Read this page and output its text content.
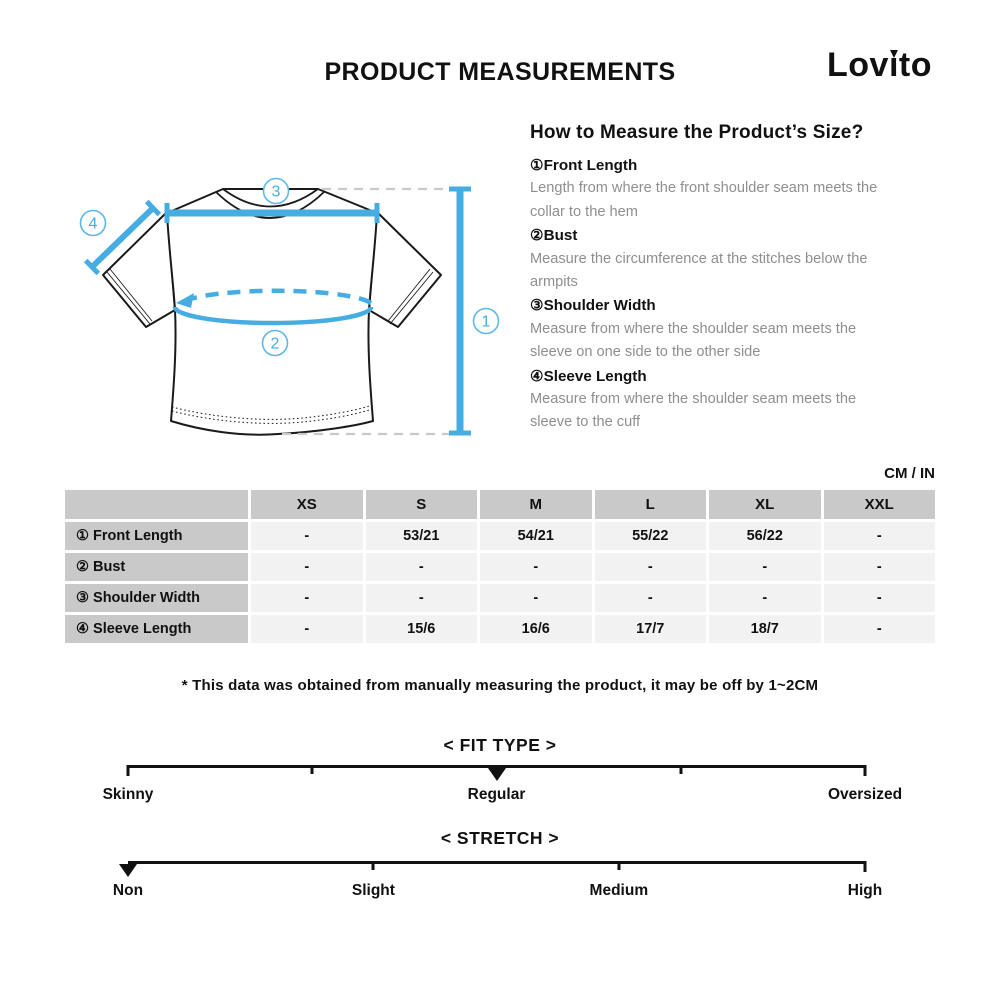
PRODUCT MEASUREMENTS	Lov ı to
3
4
2
1
How to Measure the Product’s Size?
①Front Length
Length from where the front shoulder seam meets the collar to the hem
②Bust
Measure the circumference at the stitches below the armpits
③Shoulder Width
Measure from where the shoulder seam meets the sleeve on one side to the other side
④Sleeve Length
Measure from where the shoulder seam meets the sleeve to the cuff
CM / IN
XS	S	M	L	XL	XXL
① Front Length	-	53/21	54/21	55/22	56/22	-
② Bust	-	-	-	-	-	-
③ Shoulder Width	-	-	-	-	-	-
④ Sleeve Length	-	15/6	16/6	17/7	18/7	-
* This data was obtained from manually measuring the product, it may be off by 1~2CM
< FIT TYPE >
Skinny	Regular	Oversized
< STRETCH >
Non	Slight	Medium	High
